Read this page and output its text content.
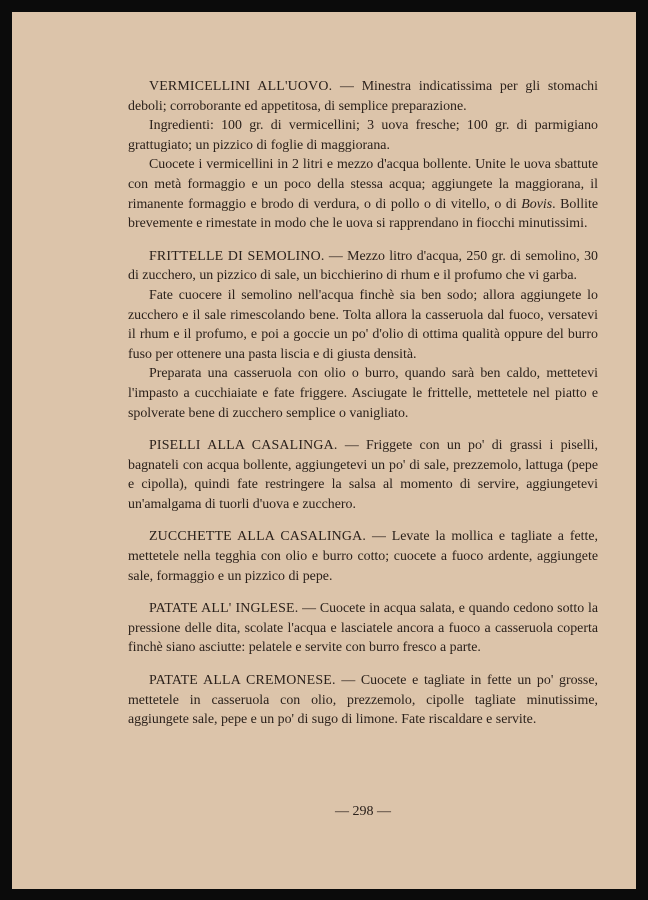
VERMICELLINI ALL'UOVO. — Minestra indicatissima per gli stomachi deboli; corroborante ed appetitosa, di semplice preparazione.

Ingredienti: 100 gr. di vermicellini; 3 uova fresche; 100 gr. di parmigiano grattugiato; un pizzico di foglie di maggiorana.

Cuocete i vermicellini in 2 litri e mezzo d'acqua bollente. Unite le uova sbattute con metà formaggio e un poco della stessa acqua; aggiungete la maggiorana, il rimanente formaggio e brodo di verdura, o di pollo o di vitello, o di Bovis. Bollite brevemente e rimestate in modo che le uova si rapprendano in fiocchi minutissimi.

FRITTELLE DI SEMOLINO. — Mezzo litro d'acqua, 250 gr. di semolino, 30 di zucchero, un pizzico di sale, un bicchierino di rhum e il profumo che vi garba.

Fate cuocere il semolino nell'acqua finchè sia ben sodo; allora aggiungete lo zucchero e il sale rimescolando bene. Tolta allora la casseruola dal fuoco, versatevi il rhum e il profumo, e poi a goccie un po' d'olio di ottima qualità oppure del burro fuso per ottenere una pasta liscia e di giusta densità.

Preparata una casseruola con olio o burro, quando sarà ben caldo, mettetevi l'impasto a cucchiaiate e fate friggere. Asciugate le frittelle, mettetele nel piatto e spolverate bene di zucchero semplice o vanigliato.

PISELLI ALLA CASALINGA. — Friggete con un po' di grassi i piselli, bagnateli con acqua bollente, aggiungetevi un po' di sale, prezzemolo, lattuga (pepe e cipolla), quindi fate restringere la salsa al momento di servire, aggiungetevi un'amalgama di tuorli d'uova e zucchero.

ZUCCHETTE ALLA CASALINGA. — Levate la mollica e tagliate a fette, mettetele nella tegghia con olio e burro cotto; cuocete a fuoco ardente, aggiungete sale, formaggio e un pizzico di pepe.

PATATE ALL' INGLESE. — Cuocete in acqua salata, e quando cedono sotto la pressione delle dita, scolate l'acqua e lasciatele ancora a fuoco a casseruola coperta finchè siano asciutte: pelatele e servite con burro fresco a parte.

PATATE ALLA CREMONESE. — Cuocete e tagliate in fette un po' grosse, mettetele in casseruola con olio, prezzemolo, cipolle tagliate minutissime, aggiungete sale, pepe e un po' di sugo di limone. Fate riscaldare e servite.

— 298 —
